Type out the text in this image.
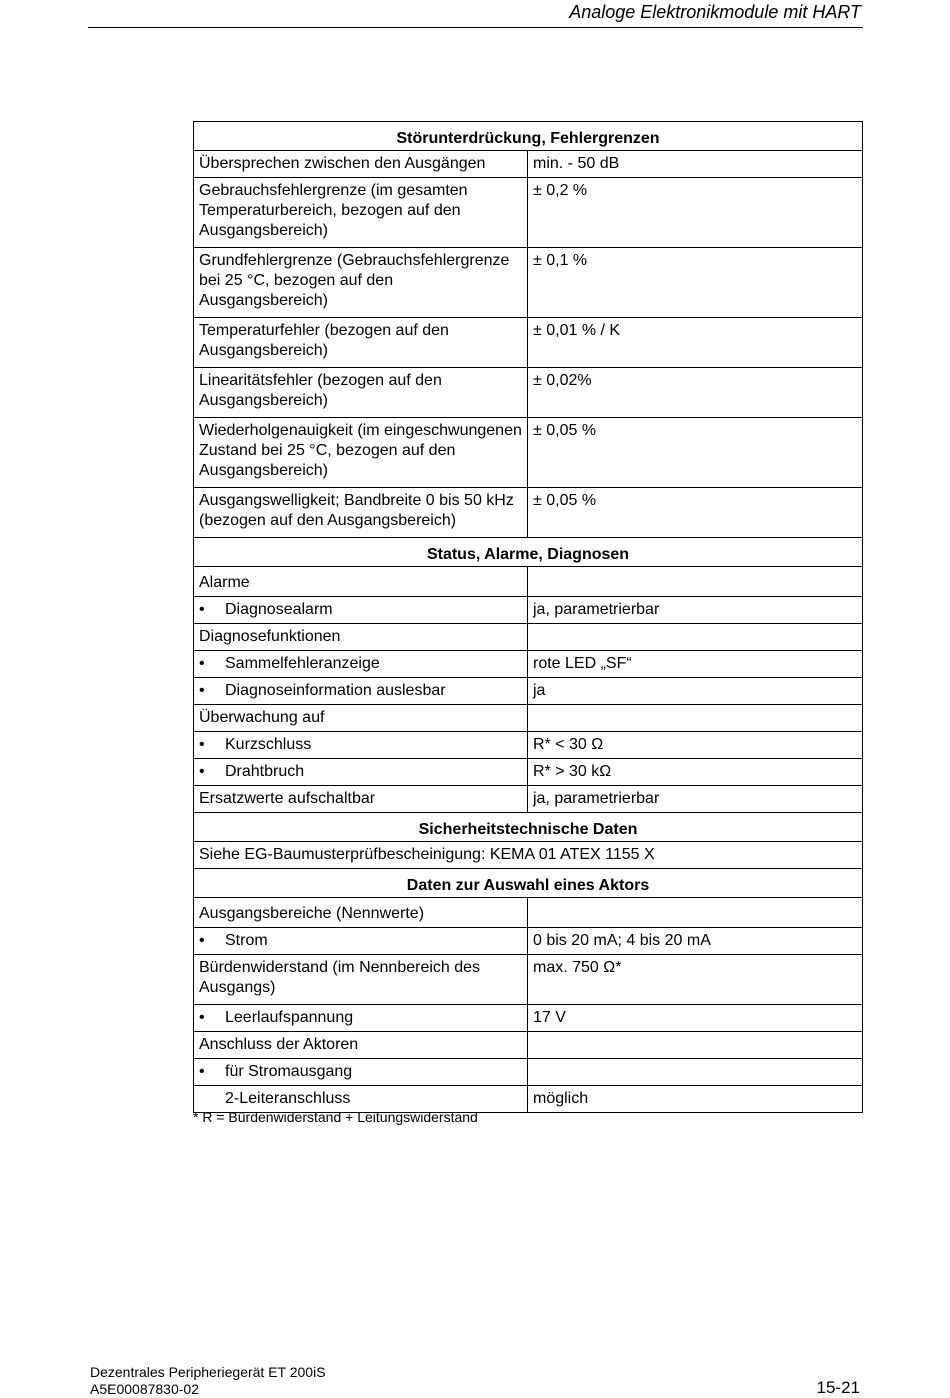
Analoge Elektronikmodule mit HART
Störunterdrückung, Fehlergrenzen	
Übersprechen zwischen den Ausgängen	min. - 50 dB
Gebrauchsfehlergrenze (im gesamten Temperaturbereich, bezogen auf den Ausgangsbereich)	± 0,2 %
Grundfehlergrenze (Gebrauchsfehlergrenze bei 25 °C, bezogen auf den Ausgangsbereich)	± 0,1 %
Temperaturfehler (bezogen auf den Ausgangsbereich)	± 0,01 % / K
Linearitätsfehler (bezogen auf den Ausgangsbereich)	± 0,02%
Wiederholgenauigkeit (im eingeschwungenen Zustand bei 25 °C, bezogen auf den Ausgangsbereich)	± 0,05 %
Ausgangswelligkeit; Bandbreite 0 bis 50 kHz (bezogen auf den Ausgangsbereich)	± 0,05 %
Status, Alarme, Diagnosen	
Alarme	
• Diagnosealarm	ja, parametrierbar
Diagnosefunktionen	
• Sammelfehleranzeige	rote LED „SF“
• Diagnoseinformation auslesbar	ja
Überwachung auf	
• Kurzschluss	R* < 30 Ω
• Drahtbruch	R* > 30 kΩ
Ersatzwerte aufschaltbar	ja, parametrierbar
Sicherheitstechnische Daten	
Siehe EG-Baumusterprüfbescheinigung: KEMA 01 ATEX 1155 X	
Daten zur Auswahl eines Aktors	
Ausgangsbereiche (Nennwerte)	
• Strom	0 bis 20 mA; 4 bis 20 mA
Bürdenwiderstand (im Nennbereich des Ausgangs)	max. 750 Ω*
• Leerlaufspannung	17 V
Anschluss der Aktoren	
• für Stromausgang	
2-Leiteranschluss	möglich
* R = Bürdenwiderstand + Leitungswiderstand
Dezentrales Peripheriegerät ET 200iS
A5E00087830-02	15-21
